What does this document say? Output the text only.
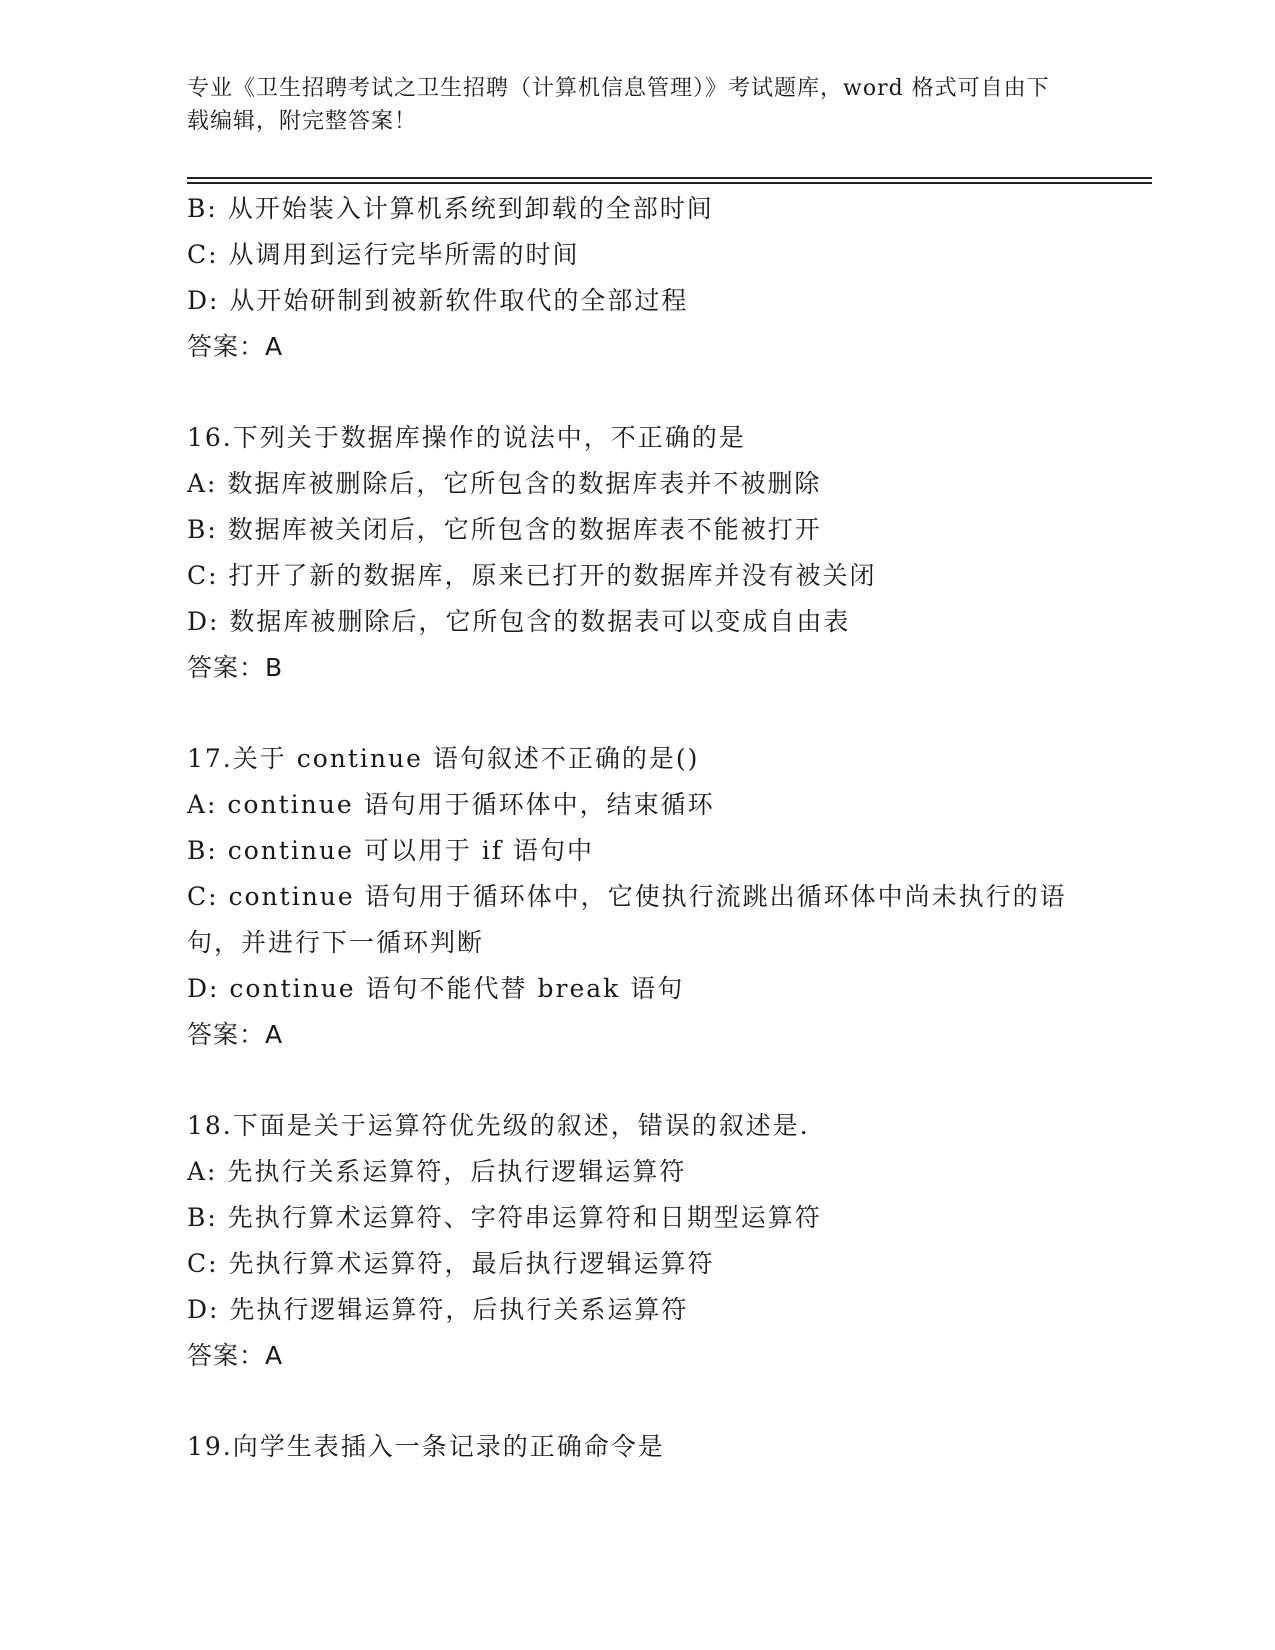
专业《卫生招聘考试之卫生招聘（计算机信息管理）》考试题库，word 格式可自由下载编辑，附完整答案！
B: 从开始装入计算机系统到卸载的全部时间
C: 从调用到运行完毕所需的时间
D: 从开始研制到被新软件取代的全部过程
答案：A
16.下列关于数据库操作的说法中，不正确的是
A: 数据库被删除后，它所包含的数据库表并不被删除
B: 数据库被关闭后，它所包含的数据库表不能被打开
C: 打开了新的数据库，原来已打开的数据库并没有被关闭
D: 数据库被删除后，它所包含的数据表可以变成自由表
答案：B
17.关于 continue 语句叙述不正确的是()
A: continue 语句用于循环体中，结束循环
B: continue 可以用于 if 语句中
C: continue 语句用于循环体中，它使执行流跳出循环体中尚未执行的语句，并进行下一循环判断
D: continue 语句不能代替 break 语句
答案：A
18.下面是关于运算符优先级的叙述，错误的叙述是.
A: 先执行关系运算符，后执行逻辑运算符
B: 先执行算术运算符、字符串运算符和日期型运算符
C: 先执行算术运算符，最后执行逻辑运算符
D: 先执行逻辑运算符，后执行关系运算符
答案：A
19.向学生表插入一条记录的正确命令是
